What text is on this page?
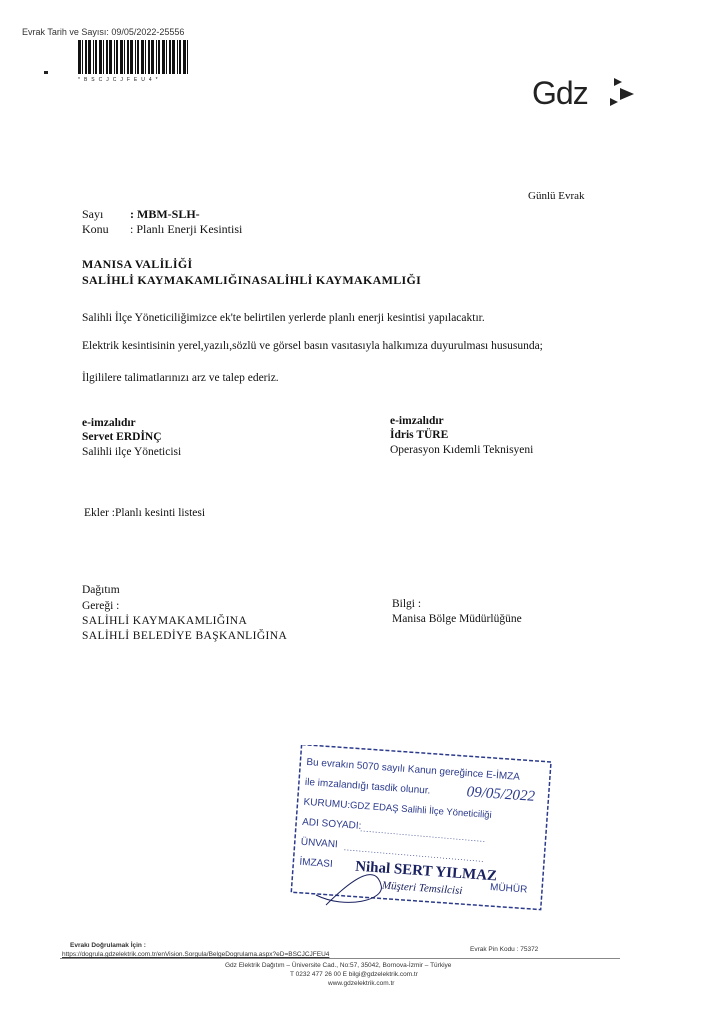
Evrak Tarih ve Sayısı: 09/05/2022-25556
*BSCJCJFEU4*	Gdz
Günlü Evrak
Sayı : MBM-SLH-
Konu : Planlı Enerji Kesintisi
MANISA VALİLİĞİ
SALİHLİ KAYMAKAMLIĞINASALİHLİ KAYMAKAMLIĞI
Salihli İlçe Yöneticiliğimizce ek'te belirtilen yerlerde planlı enerji kesintisi yapılacaktır.
Elektrik kesintisinin yerel,yazılı,sözlü ve görsel basın vasıtasıyla halkımıza duyurulması hususunda;
İlgililere talimatlarınızı arz ve talep ederiz.
e-imzalıdır
Servet ERDİNÇ
Salihli ilçe Yöneticisi
e-imzalıdır
İdris TÜRE
Operasyon Kıdemli Teknisyeni
Ekler :Planlı kesinti listesi
Dağıtım
Gereği :
SALİHLİ KAYMAKAMLIĞINA
SALİHLİ BELEDİYE BAŞKANLIĞINA
Bilgi :
Manisa Bölge Müdürlüğüne
Bu evrakın 5070 sayılı Kanun gereğince E-İMZA
ile imzalandığı tasdik olunur. 09/05/2022
KURUMU :GDZ EDAŞ Salihli İlçe Yöneticiliği
ADI SOYADI:
ÜNVANI
İMZASI Nihal SERT YILMAZ
Müşteri Temsilcisi	MÜHÜR
Evrakı Doğrulamak İçin :
https://dogrula.gdzelektrik.com.tr/enVision.Sorgula/BelgeDogrulama.aspx?eD=BSCJCJFEU4
Evrak Pin Kodu : 75372
Gdz Elektrik Dağıtım – Üniversite Cad., No:57, 35042, Bornova-İzmir – Türkiye
T 0232 477 26 00 E bilgi@gdzelektrik.com.tr
www.gdzelektrik.com.tr
